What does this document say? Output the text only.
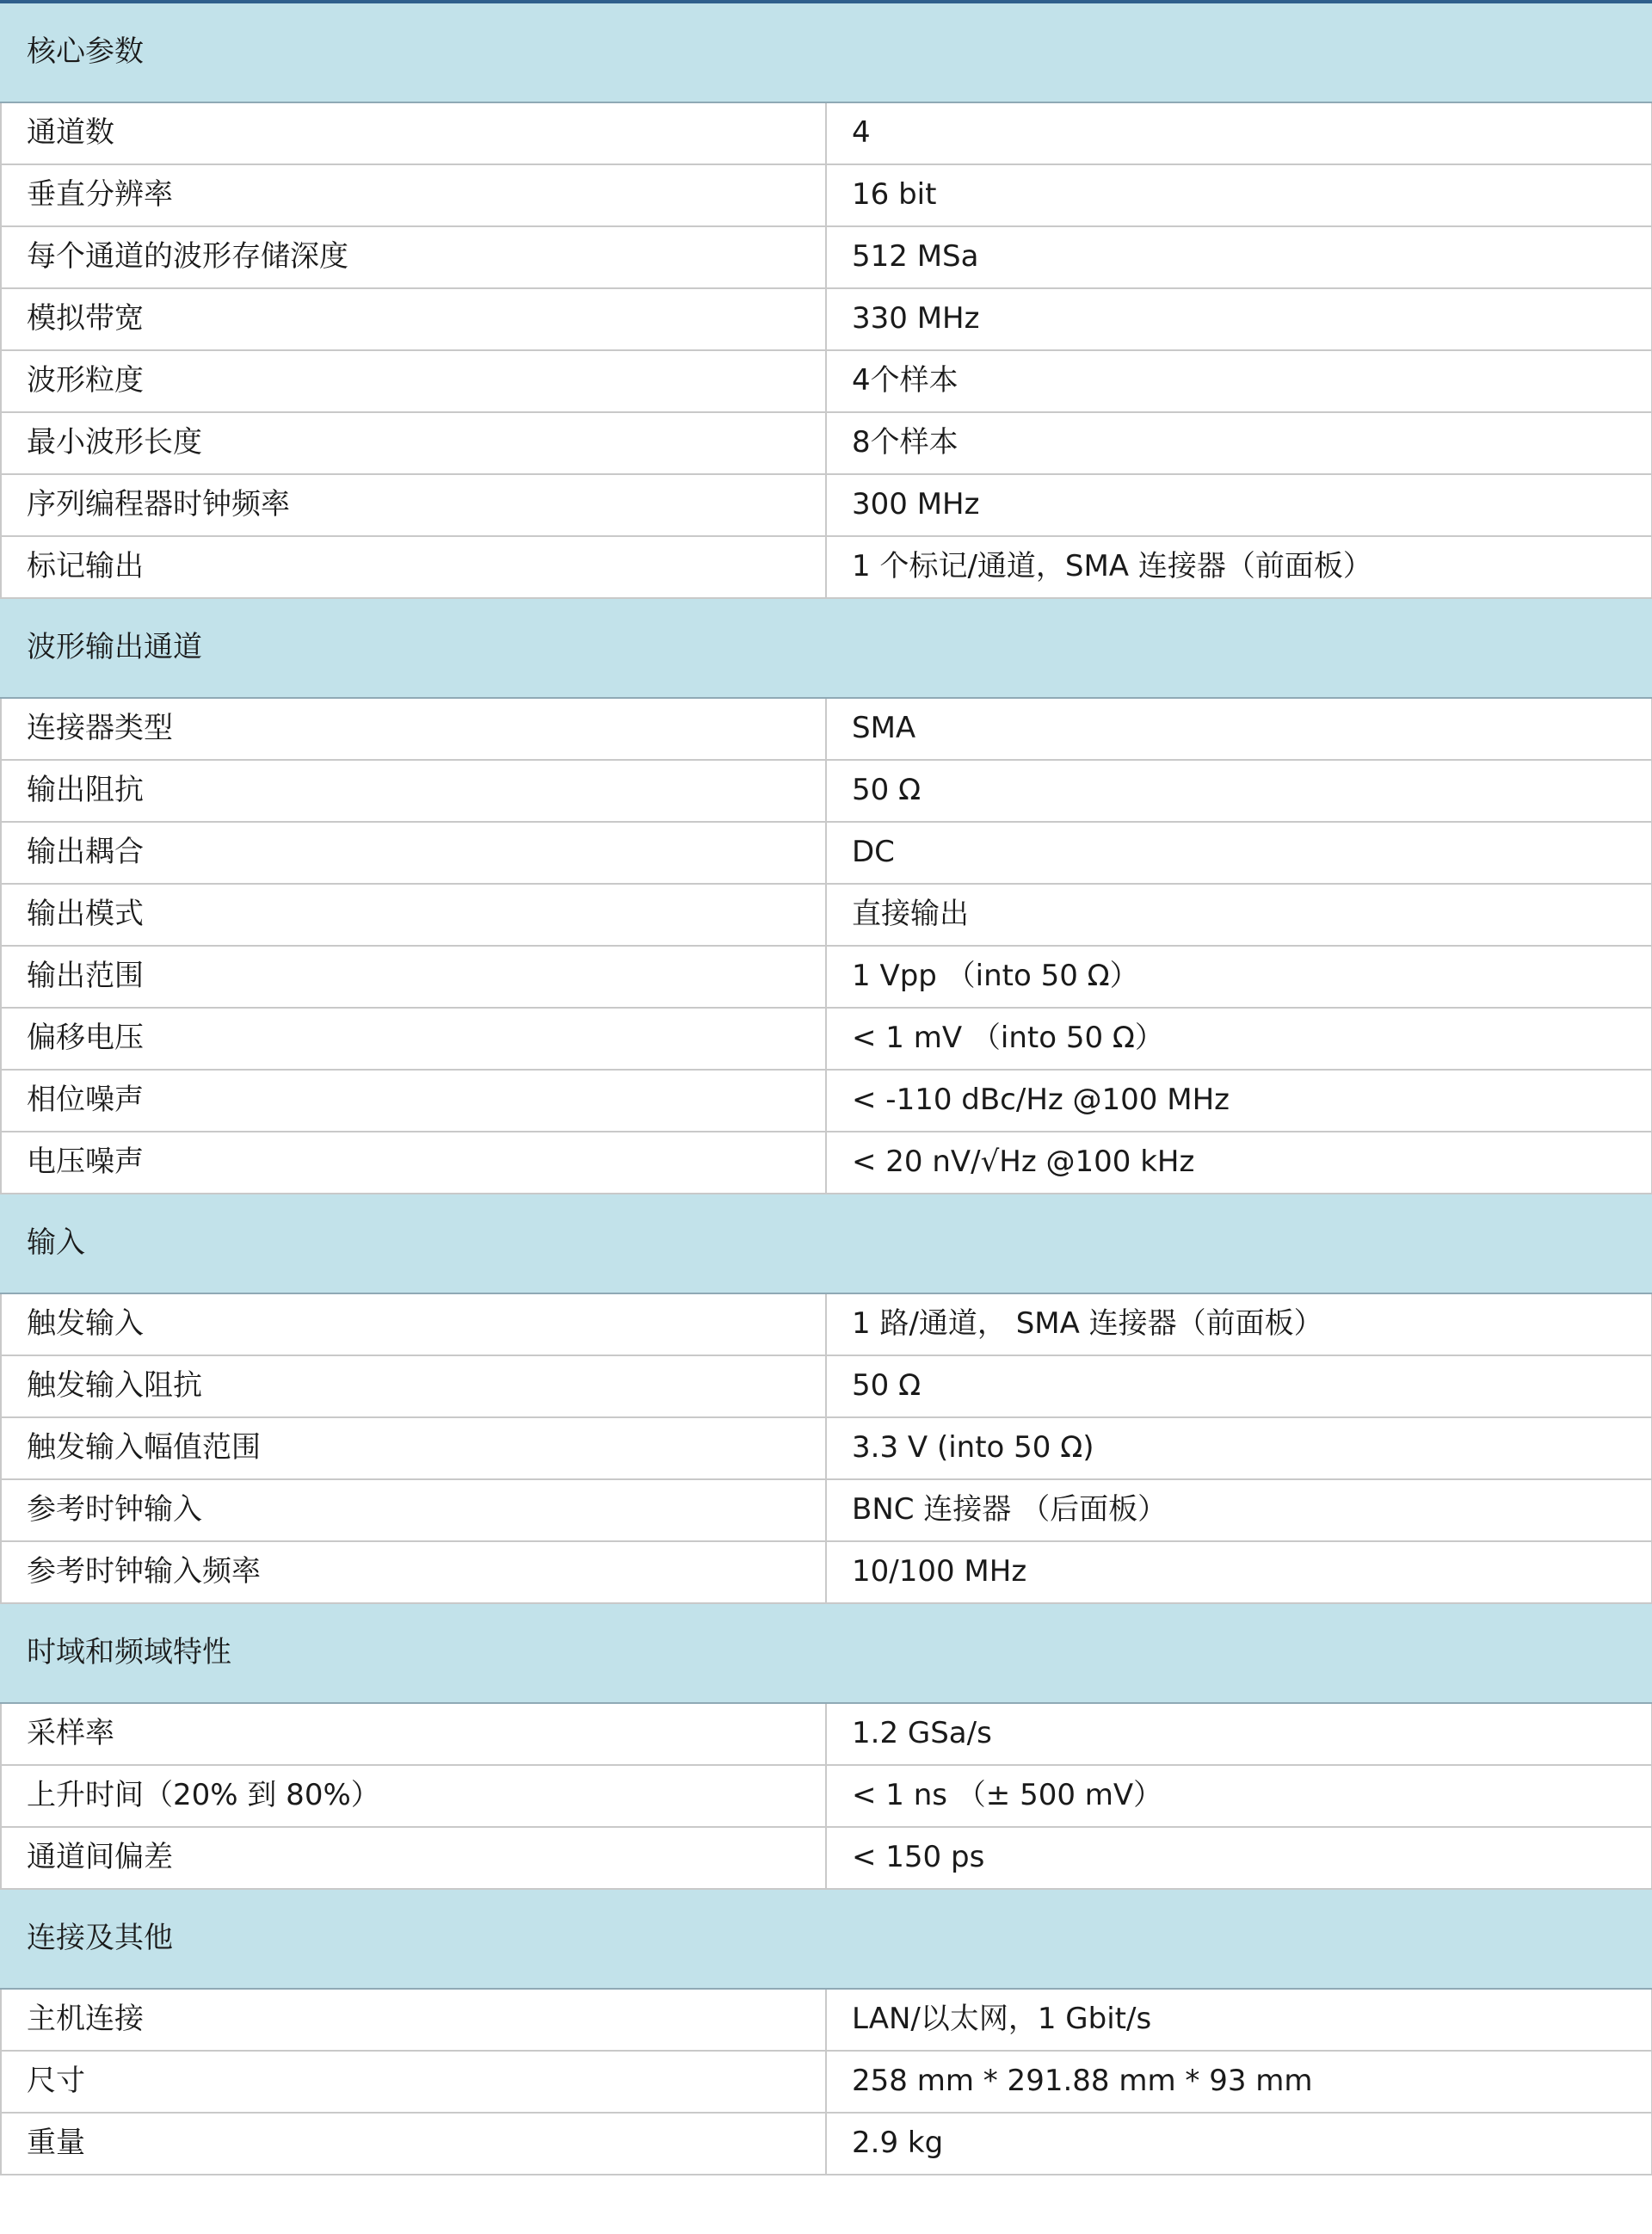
核心参数	
通道数	4
垂直分辨率	16 bit
每个通道的波形存储深度	512 MSa
模拟带宽	330 MHz
波形粒度	4个样本
最小波形长度	8个样本
序列编程器时钟频率	300 MHz
标记输出	1 个标记/通道，SMA 连接器（前面板）
波形输出通道	
连接器类型	SMA
输出阻抗	50 Ω
输出耦合	DC
输出模式	直接输出
输出范围	1 Vpp （into 50 Ω）
偏移电压	< 1 mV （into 50 Ω）
相位噪声	< -110 dBc/Hz @100 MHz
电压噪声	< 20 nV/√Hz @100 kHz
输入	
触发输入	1 路/通道， SMA 连接器（前面板）
触发输入阻抗	50 Ω
触发输入幅值范围	3.3 V (into 50 Ω)
参考时钟输入	BNC 连接器 （后面板）
参考时钟输入频率	10/100 MHz
时域和频域特性	
采样率	1.2 GSa/s
上升时间（20% 到 80%）	< 1 ns （± 500 mV）
通道间偏差	< 150 ps
连接及其他	
主机连接	LAN/以太网，1 Gbit/s
尺寸	258 mm * 291.88 mm * 93 mm
重量	2.9 kg
